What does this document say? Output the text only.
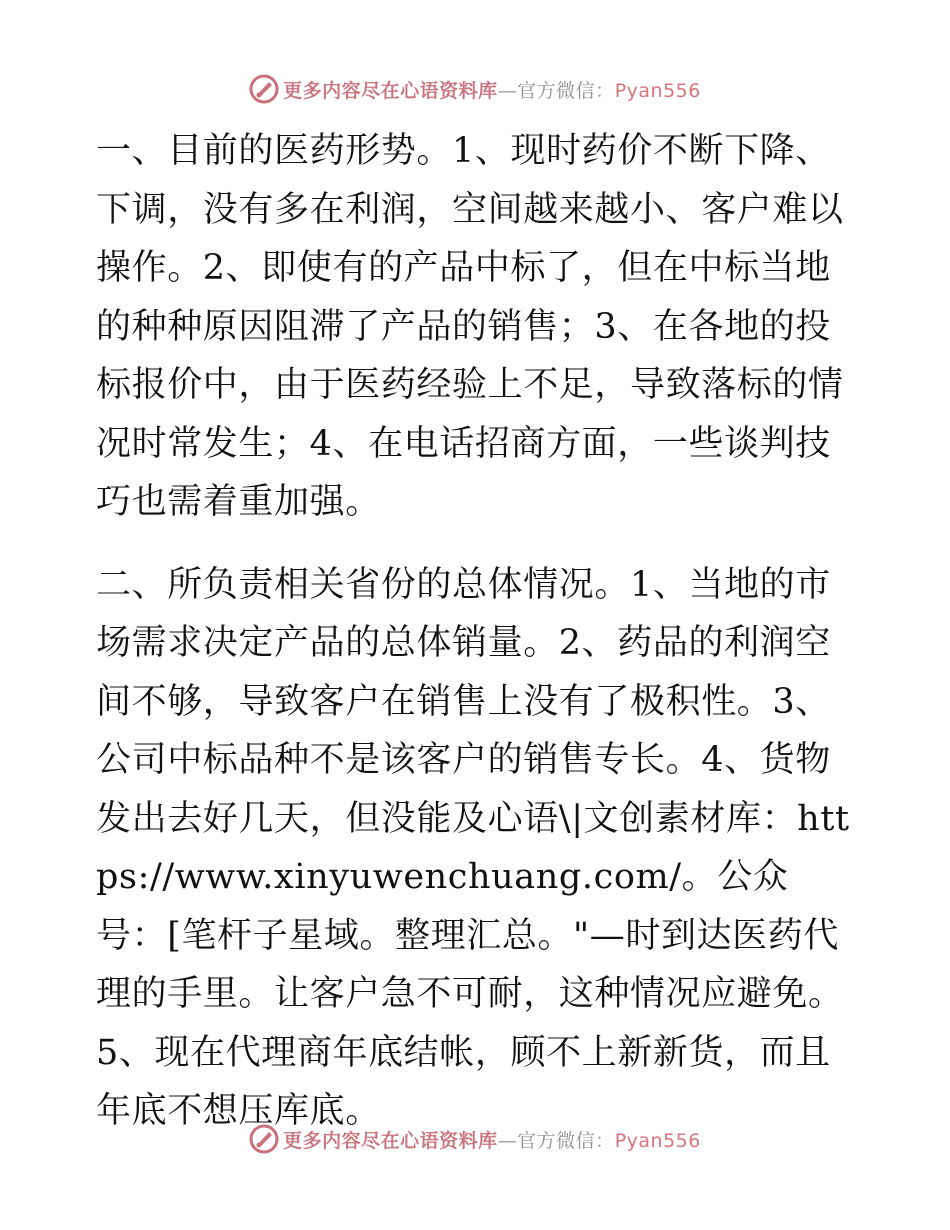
更多内容尽在心语资料库—官方微信：Pyan556

一、目前的医药形势。1、现时药价不断下降、下调，没有多在利润，空间越来越小、客户难以操作。2、即使有的产品中标了，但在中标当地的种种原因阻滞了产品的销售；3、在各地的投标报价中，由于医药经验上不足，导致落标的情况时常发生；4、在电话招商方面，一些谈判技巧也需着重加强。

二、所负责相关省份的总体情况。1、当地的市场需求决定产品的总体销量。2、药品的利润空间不够，导致客户在销售上没有了极积性。3、公司中标品种不是该客户的销售专长。4、货物发出去好几天，但没能及心语\|文创素材库：https://www.xinyuwenchuang.com/。公众号：[笔杆子星域。整理汇总。"—时到达医药代理的手里。让客户急不可耐，这种情况应避免。5、现在代理商年底结帐，顾不上新新货，而且年底不想压库底。

更多内容尽在心语资料库—官方微信：Pyan556
